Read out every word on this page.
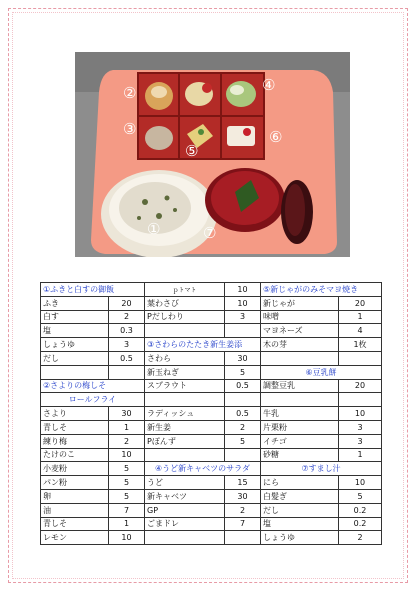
②
③
④
⑤
⑥
①	⑦
①ふきと白すの御飯		ｐトマト	10	⑤新じゃがのみそマヨ焼き	
ふき	20	葉わさび	10	新じゃが	20
白す	2	Pだしわり	3	味噌	1
塩	0.3			マヨネーズ	4
しょうゆ	3	③さわらのたたき新生姜添		木の芽	1枚
だし	0.5	さわら	30		
		新玉ねぎ	5	⑥豆乳餅	
②さよりの梅しそ		スプラウト	0.5	調整豆乳	20
ロールフライ					
さより	30	ラディッシュ	0.5	牛乳	10
青しそ	1	新生姜	2	片栗粉	3
練り梅	2	Pぽんず	5	イチゴ	3
たけのこ	10			砂糖	1
小麦粉	5	④うど新キャベツのサラダ		⑦すまし汁	
パン粉	5	うど	15	にら	10
卵	5	新キャベツ	30	白髪ぎ	5
油	7	GP	2	だし	0.2
青しそ	1	ごまドレ	7	塩	0.2
レモン	10			しょうゆ	2
